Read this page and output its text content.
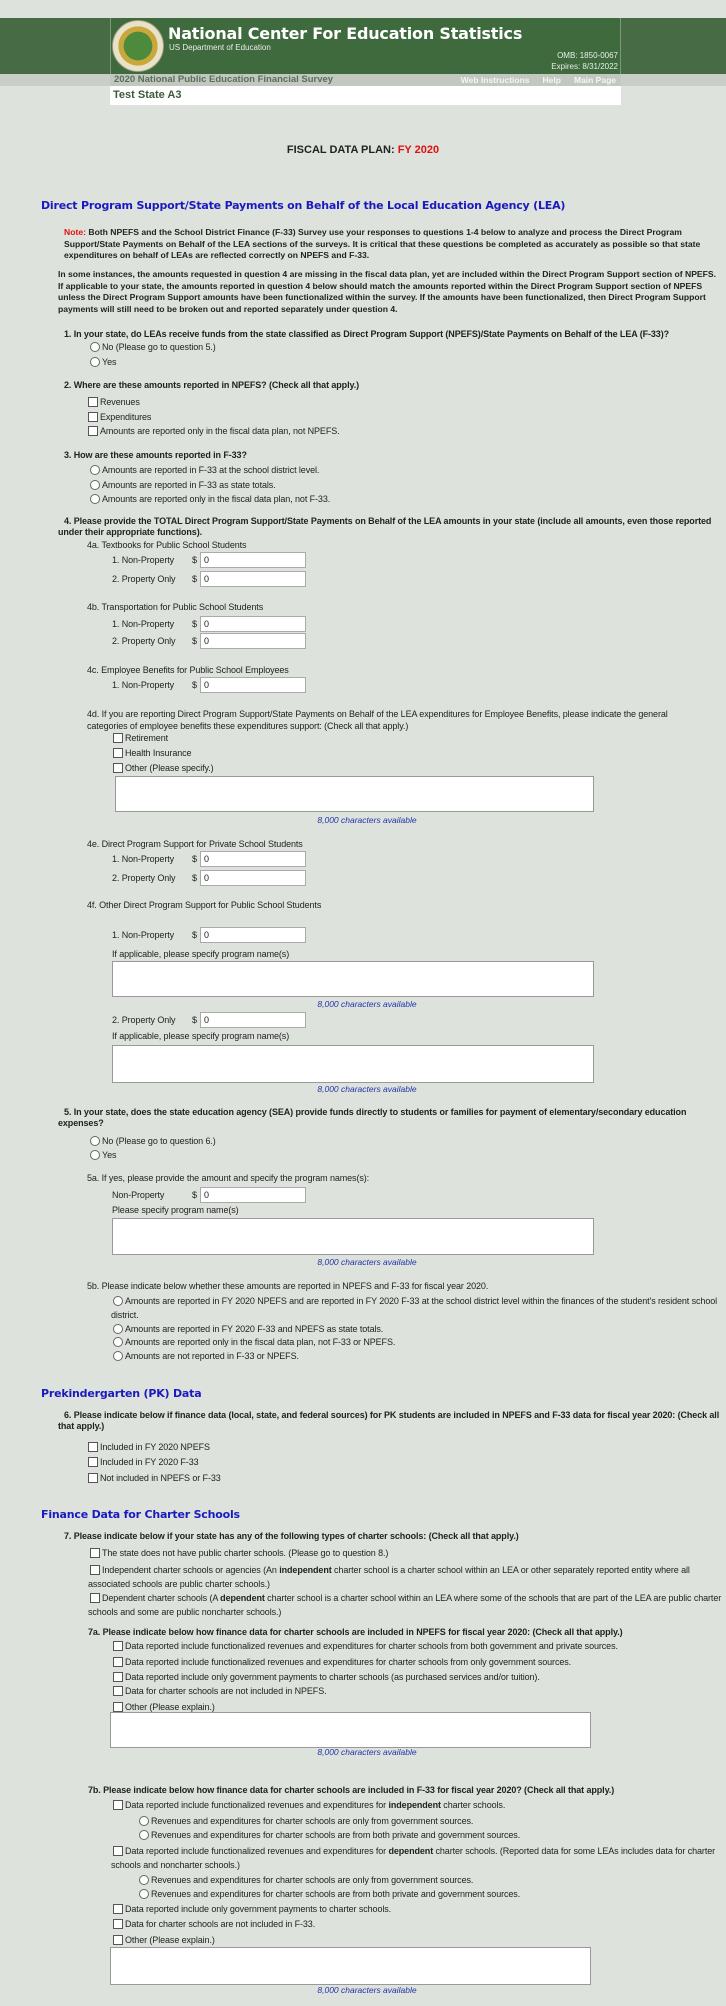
National Center For Education Statistics
US Department of Education
OMB: 1850-0067
Expires: 8/31/2022
2020 National Public Education Financial Survey	Web Instructions Help Main Page
Test State A3
FISCAL DATA PLAN: FY 2020
Direct Program Support/State Payments on Behalf of the Local Education Agency (LEA)
Note: Both NPEFS and the School District Finance (F-33) Survey use your responses to questions 1-4 below to analyze and process the Direct Program Support/State Payments on Behalf of the LEA sections of the surveys. It is critical that these questions be completed as accurately as possible so that state expenditures on behalf of LEAs are reflected correctly on NPEFS and F-33.
In some instances, the amounts requested in question 4 are missing in the fiscal data plan, yet are included within the Direct Program Support section of NPEFS. If applicable to your state, the amounts reported in question 4 below should match the amounts reported within the Direct Program Support section of NPEFS unless the Direct Program Support amounts have been functionalized within the survey. If the amounts have been functionalized, then Direct Program Support payments will still need to be broken out and reported separately under question 4.
1. In your state, do LEAs receive funds from the state classified as Direct Program Support (NPEFS)/State Payments on Behalf of the LEA (F-33)?
No (Please go to question 5.)
Yes
2. Where are these amounts reported in NPEFS? (Check all that apply.)
Revenues
Expenditures
Amounts are reported only in the fiscal data plan, not NPEFS.
3. How are these amounts reported in F-33?
Amounts are reported in F-33 at the school district level.
Amounts are reported in F-33 as state totals.
Amounts are reported only in the fiscal data plan, not F-33.
4. Please provide the TOTAL Direct Program Support/State Payments on Behalf of the LEA amounts in your state (include all amounts, even those reported under their appropriate functions).
4a. Textbooks for Public School Students
1. Non-Property $ 0
2. Property Only $ 0
4b. Transportation for Public School Students
1. Non-Property $ 0
2. Property Only $ 0
4c. Employee Benefits for Public School Employees
1. Non-Property $ 0
4d. If you are reporting Direct Program Support/State Payments on Behalf of the LEA expenditures for Employee Benefits, please indicate the general categories of employee benefits these expenditures support: (Check all that apply.)
Retirement
Health Insurance
Other (Please specify.)
8,000 characters available
4e. Direct Program Support for Private School Students
1. Non-Property $ 0
2. Property Only $ 0
4f. Other Direct Program Support for Public School Students
1. Non-Property $ 0
If applicable, please specify program name(s)
8,000 characters available
2. Property Only $ 0
If applicable, please specify program name(s)
8,000 characters available
5. In your state, does the state education agency (SEA) provide funds directly to students or families for payment of elementary/secondary education expenses?
No (Please go to question 6.)
Yes
5a. If yes, please provide the amount and specify the program names(s):
Non-Property	$ 0
Please specify program name(s)
8,000 characters available
5b. Please indicate below whether these amounts are reported in NPEFS and F-33 for fiscal year 2020.
Amounts are reported in FY 2020 NPEFS and are reported in FY 2020 F-33 at the school district level within the finances of the student's resident school district.
Amounts are reported in FY 2020 F-33 and NPEFS as state totals.
Amounts are reported only in the fiscal data plan, not F-33 or NPEFS.
Amounts are not reported in F-33 or NPEFS.
Prekindergarten (PK) Data
6. Please indicate below if finance data (local, state, and federal sources) for PK students are included in NPEFS and F-33 data for fiscal year 2020: (Check all that apply.)
Included in FY 2020 NPEFS
Included in FY 2020 F-33
Not included in NPEFS or F-33
Finance Data for Charter Schools
7. Please indicate below if your state has any of the following types of charter schools: (Check all that apply.)
The state does not have public charter schools. (Please go to question 8.)
Independent charter schools or agencies (An independent charter school is a charter school within an LEA or other separately reported entity where all associated schools are public charter schools.)
Dependent charter schools (A dependent charter school is a charter school within an LEA where some of the schools that are part of the LEA are public charter schools and some are public noncharter schools.)
7a. Please indicate below how finance data for charter schools are included in NPEFS for fiscal year 2020: (Check all that apply.)
Data reported include functionalized revenues and expenditures for charter schools from both government and private sources.
Data reported include functionalized revenues and expenditures for charter schools from only government sources.
Data reported include only government payments to charter schools (as purchased services and/or tuition).
Data for charter schools are not included in NPEFS.
Other (Please explain.)
8,000 characters available
7b. Please indicate below how finance data for charter schools are included in F-33 for fiscal year 2020? (Check all that apply.)
Data reported include functionalized revenues and expenditures for independent charter schools.
Revenues and expenditures for charter schools are only from government sources.
Revenues and expenditures for charter schools are from both private and government sources.
Data reported include functionalized revenues and expenditures for dependent charter schools. (Reported data for some LEAs includes data for charter schools and noncharter schools.)
Revenues and expenditures for charter schools are only from government sources.
Revenues and expenditures for charter schools are from both private and government sources.
Data reported include only government payments to charter schools.
Data for charter schools are not included in F-33.
Other (Please explain.)
8,000 characters available
